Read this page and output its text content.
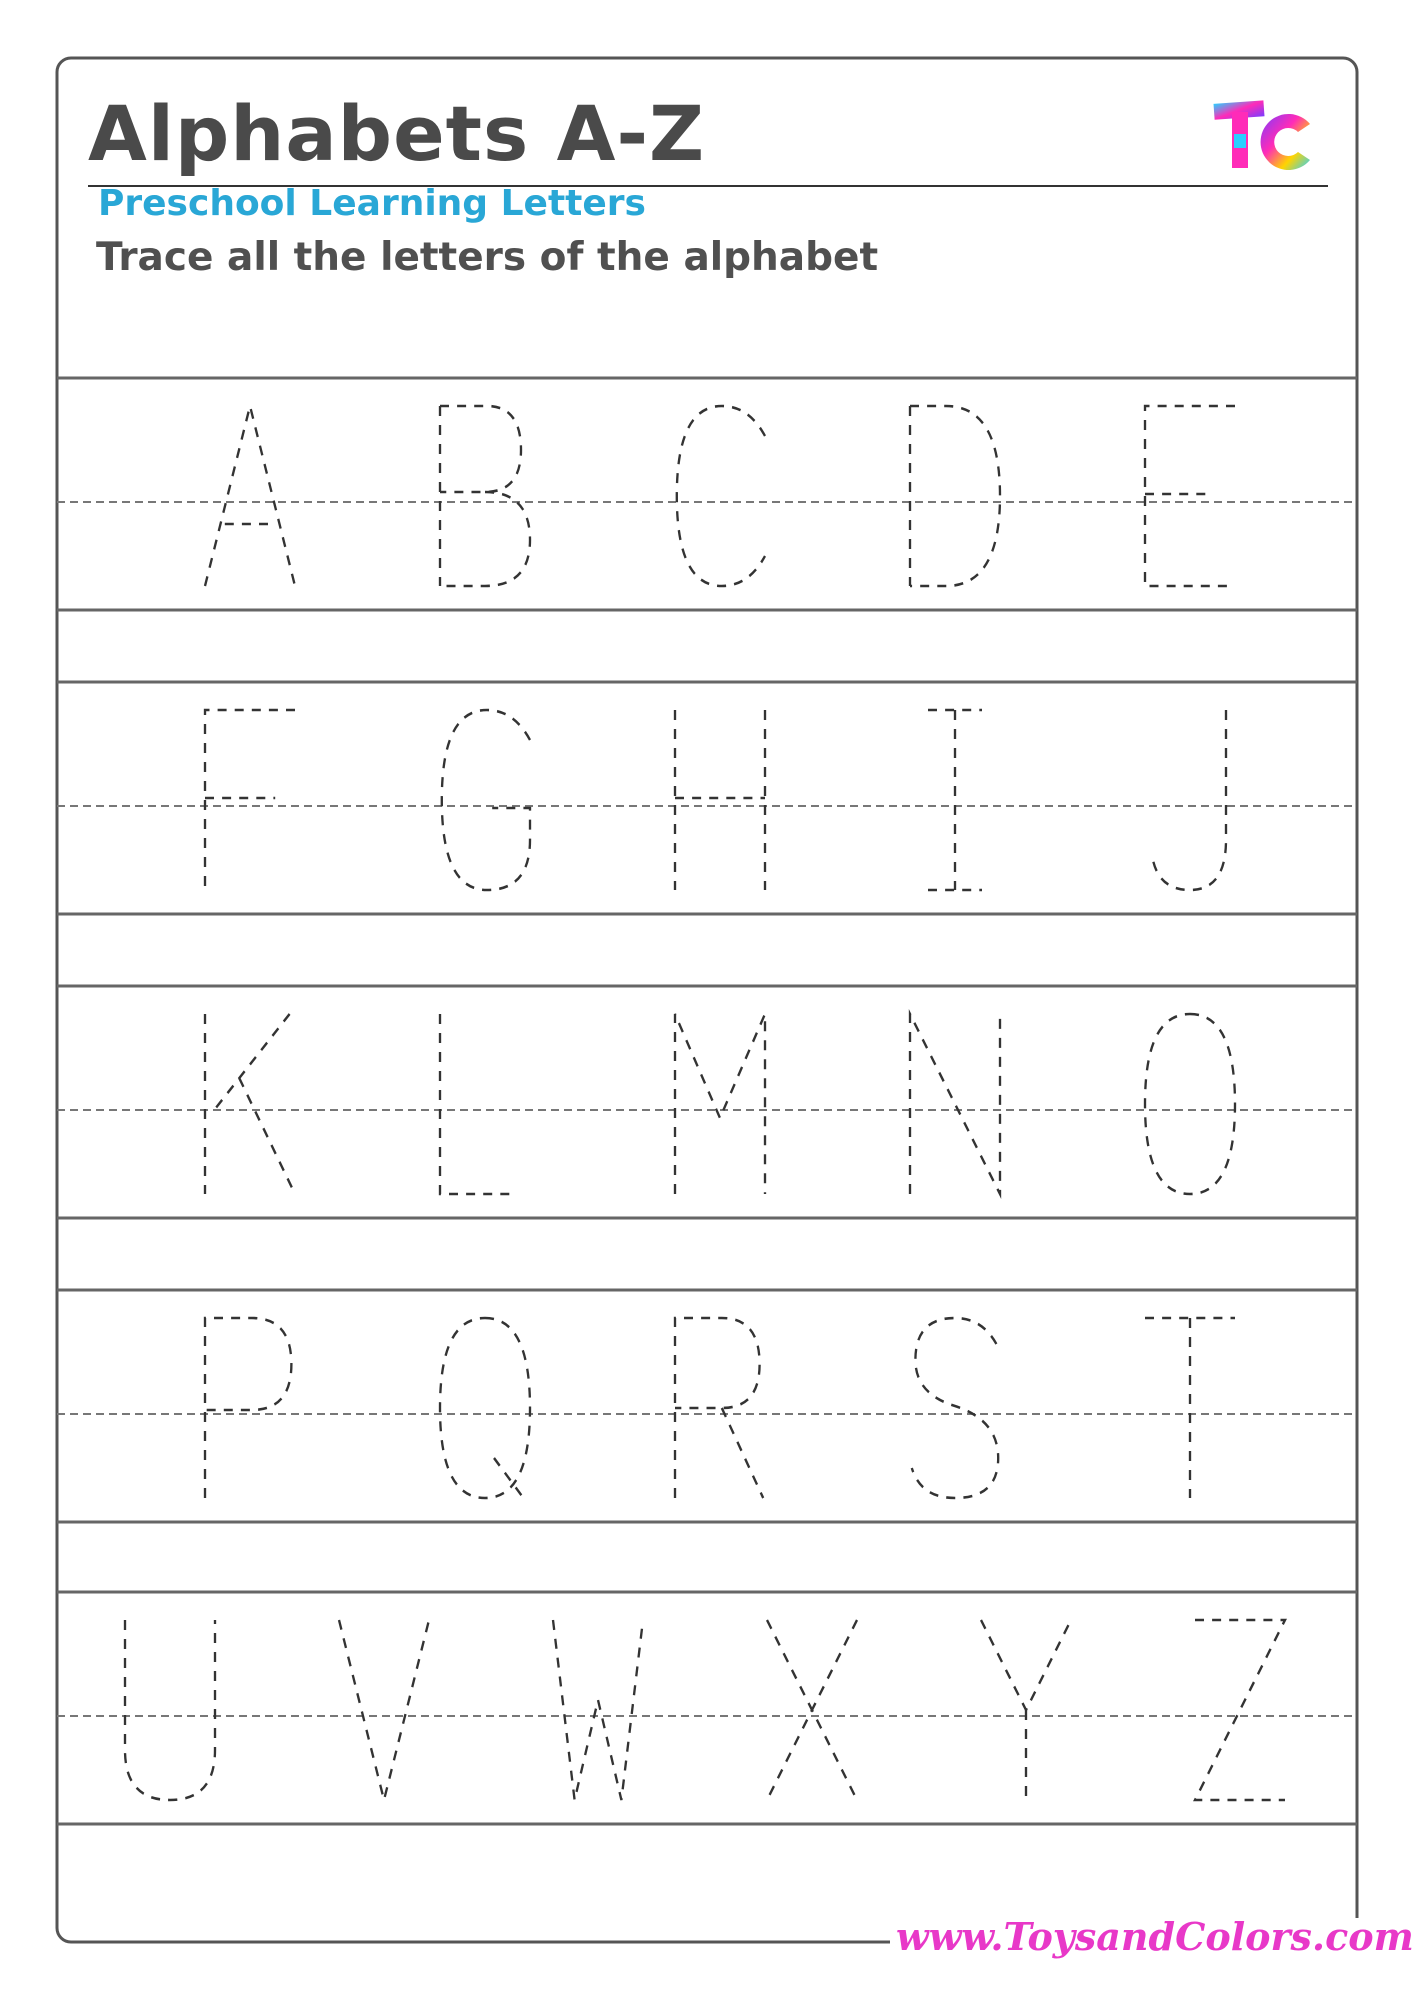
Alphabets A-Z
Preschool Learning Letters
Trace all the letters of the alphabet
TC
www.ToysandColors.com
